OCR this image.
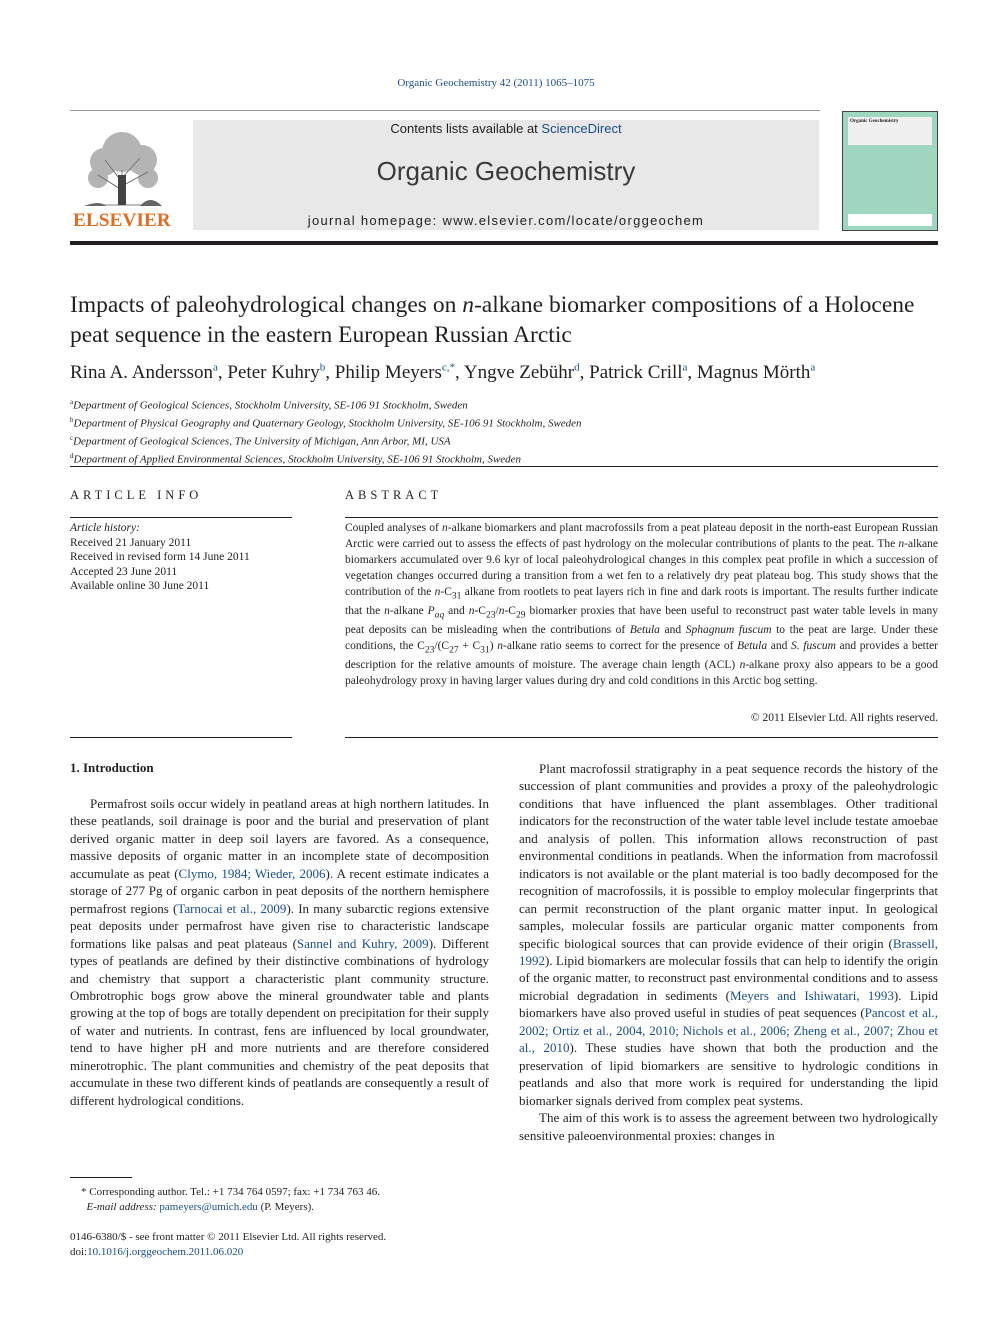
Organic Geochemistry 42 (2011) 1065–1075
ELSEVIER
Contents lists available at ScienceDirect
Organic Geochemistry
journal homepage: www.elsevier.com/locate/orggeochem
Organic Geochemistry
Impacts of paleohydrological changes on n-alkane biomarker compositions of a Holocene peat sequence in the eastern European Russian Arctic
Rina A. Andersson$^a$, Peter Kuhry$^b$, Philip Meyers$^{c,*}$, Yngve Zebühr$^d$, Patrick Crill$^a$, Magnus Mörth$^a$
$^a$Department of Geological Sciences, Stockholm University, SE-106 91 Stockholm, Sweden
$^b$Department of Physical Geography and Quaternary Geology, Stockholm University, SE-106 91 Stockholm, Sweden
$^c$Department of Geological Sciences, The University of Michigan, Ann Arbor, MI, USA
$^d$Department of Applied Environmental Sciences, Stockholm University, SE-106 91 Stockholm, Sweden
ARTICLE INFO	ABSTRACT
Article history:
Received 21 January 2011
Received in revised form 14 June 2011
Accepted 23 June 2011
Available online 30 June 2011
Coupled analyses of n-alkane biomarkers and plant macrofossils from a peat plateau deposit in the north-east European Russian Arctic were carried out to assess the effects of past hydrology on the molecular contributions of plants to the peat. The n-alkane biomarkers accumulated over 9.6 kyr of local paleohydrological changes in this complex peat profile in which a succession of vegetation changes occurred during a transition from a wet fen to a relatively dry peat plateau bog. This study shows that the contribution of the $n-C_{31}$ alkane from rootlets to peat layers rich in fine and dark roots is important. The results further indicate that the n-alkane $P_{aq}$ and $n-C_{23}/n-C_{29}$ biomarker proxies that have been useful to reconstruct past water table levels in many peat deposits can be misleading when the contributions of Betula and Sphagnum fuscum to the peat are large. Under these conditions, the $C_{23}/(C_{27} + C_{31})$ n-alkane ratio seems to correct for the presence of Betula and S. fuscum and provides a better description for the relative amounts of moisture. The average chain length (ACL) n-alkane proxy also appears to be a good paleohydrology proxy in having larger values during dry and cold conditions in this Arctic bog setting.
© 2011 Elsevier Ltd. All rights reserved.
1. Introduction

Permafrost soils occur widely in peatland areas at high northern latitudes. In these peatlands, soil drainage is poor and the burial and preservation of plant derived organic matter in deep soil layers are favored. As a consequence, massive deposits of organic matter in an incomplete state of decomposition accumulate as peat (Clymo, 1984; Wieder, 2006). A recent estimate indicates a storage of 277 Pg of organic carbon in peat deposits of the northern hemisphere permafrost regions (Tarnocai et al., 2009). In many subarctic regions extensive peat deposits under permafrost have given rise to characteristic landscape formations like palsas and peat plateaus (Sannel and Kuhry, 2009). Different types of peatlands are defined by their distinctive combinations of hydrology and chemistry that support a characteristic plant community structure. Ombrotrophic bogs grow above the mineral groundwater table and plants growing at the top of bogs are totally dependent on precipitation for their supply of water and nutrients. In contrast, fens are influenced by local groundwater, tend to have higher pH and more nutrients and are therefore considered minerotrophic. The plant communities and chemistry of the peat deposits that accumulate in these two different kinds of peatlands are consequently a result of different hydrological conditions.

Plant macrofossil stratigraphy in a peat sequence records the history of the succession of plant communities and provides a proxy of the paleohydrologic conditions that have influenced the plant assemblages. Other traditional indicators for the reconstruction of the water table level include testate amoebae and analysis of pollen. This information allows reconstruction of past environmental conditions in peatlands. When the information from macrofossil indicators is not available or the plant material is too badly decomposed for the recognition of macrofossils, it is possible to employ molecular fingerprints that can permit reconstruction of the plant organic matter input. In geological samples, molecular fossils are particular organic matter components from specific biological sources that can provide evidence of their origin (Brassell, 1992). Lipid biomarkers are molecular fossils that can help to identify the origin of the organic matter, to reconstruct past environmental conditions and to assess microbial degradation in sediments (Meyers and Ishiwatari, 1993). Lipid biomarkers have also proved useful in studies of peat sequences (Pancost et al., 2002; Ortiz et al., 2004, 2010; Nichols et al., 2006; Zheng et al., 2007; Zhou et al., 2010). These studies have shown that both the production and the preservation of lipid biomarkers are sensitive to hydrologic conditions in peatlands and also that more work is required for understanding the lipid biomarker signals derived from complex peat systems.

The aim of this work is to assess the agreement between two hydrologically sensitive paleoenvironmental proxies: changes in

* Corresponding author. Tel.: +1 734 764 0597; fax: +1 734 763 46.
E-mail address: pameyers@umich.edu (P. Meyers).
0146-6380/$ - see front matter © 2011 Elsevier Ltd. All rights reserved.
doi:10.1016/j.orggeochem.2011.06.020
